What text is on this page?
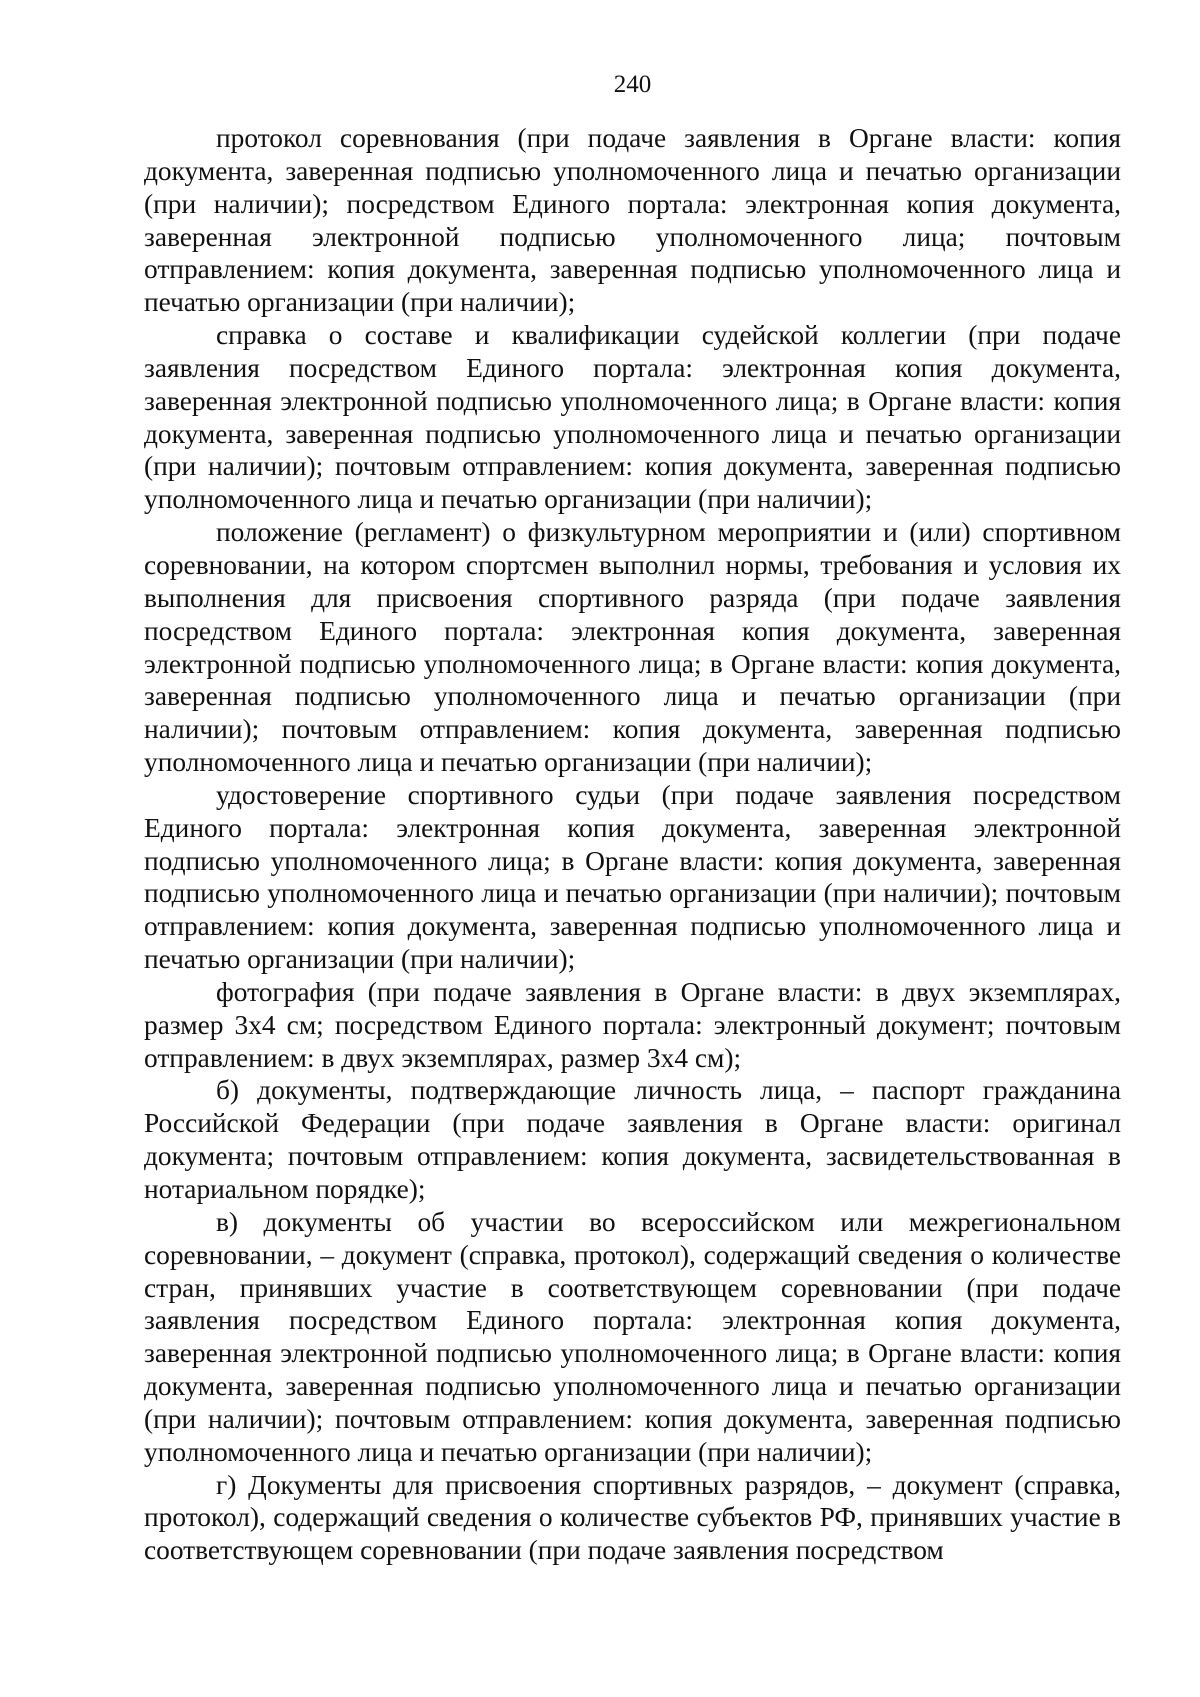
240

протокол соревнования (при подаче заявления в Органе власти: копия документа, заверенная подписью уполномоченного лица и печатью организации (при наличии); посредством Единого портала: электронная копия документа, заверенная электронной подписью уполномоченного лица; почтовым отправлением: копия документа, заверенная подписью уполномоченного лица и печатью организации (при наличии);

справка о составе и квалификации судейской коллегии (при подаче заявления посредством Единого портала: электронная копия документа, заверенная электронной подписью уполномоченного лица; в Органе власти: копия документа, заверенная подписью уполномоченного лица и печатью организации (при наличии); почтовым отправлением: копия документа, заверенная подписью уполномоченного лица и печатью организации (при наличии);

положение (регламент) о физкультурном мероприятии и (или) спортивном соревновании, на котором спортсмен выполнил нормы, требования и условия их выполнения для присвоения спортивного разряда (при подаче заявления посредством Единого портала: электронная копия документа, заверенная электронной подписью уполномоченного лица; в Органе власти: копия документа, заверенная подписью уполномоченного лица и печатью организации (при наличии); почтовым отправлением: копия документа, заверенная подписью уполномоченного лица и печатью организации (при наличии);

удостоверение спортивного судьи (при подаче заявления посредством Единого портала: электронная копия документа, заверенная электронной подписью уполномоченного лица; в Органе власти: копия документа, заверенная подписью уполномоченного лица и печатью организации (при наличии); почтовым отправлением: копия документа, заверенная подписью уполномоченного лица и печатью организации (при наличии);

фотография (при подаче заявления в Органе власти: в двух экземплярах, размер 3х4 см; посредством Единого портала: электронный документ; почтовым отправлением: в двух экземплярах, размер 3х4 см);

б) документы, подтверждающие личность лица, – паспорт гражданина Российской Федерации (при подаче заявления в Органе власти: оригинал документа; почтовым отправлением: копия документа, засвидетельствованная в нотариальном порядке);

в) документы об участии во всероссийском или межрегиональном соревновании, – документ (справка, протокол), содержащий сведения о количестве стран, принявших участие в соответствующем соревновании (при подаче заявления посредством Единого портала: электронная копия документа, заверенная электронной подписью уполномоченного лица; в Органе власти: копия документа, заверенная подписью уполномоченного лица и печатью организации (при наличии); почтовым отправлением: копия документа, заверенная подписью уполномоченного лица и печатью организации (при наличии);

г) Документы для присвоения спортивных разрядов, – документ (справка, протокол), содержащий сведения о количестве субъектов РФ, принявших участие в соответствующем соревновании (при подаче заявления посредством
